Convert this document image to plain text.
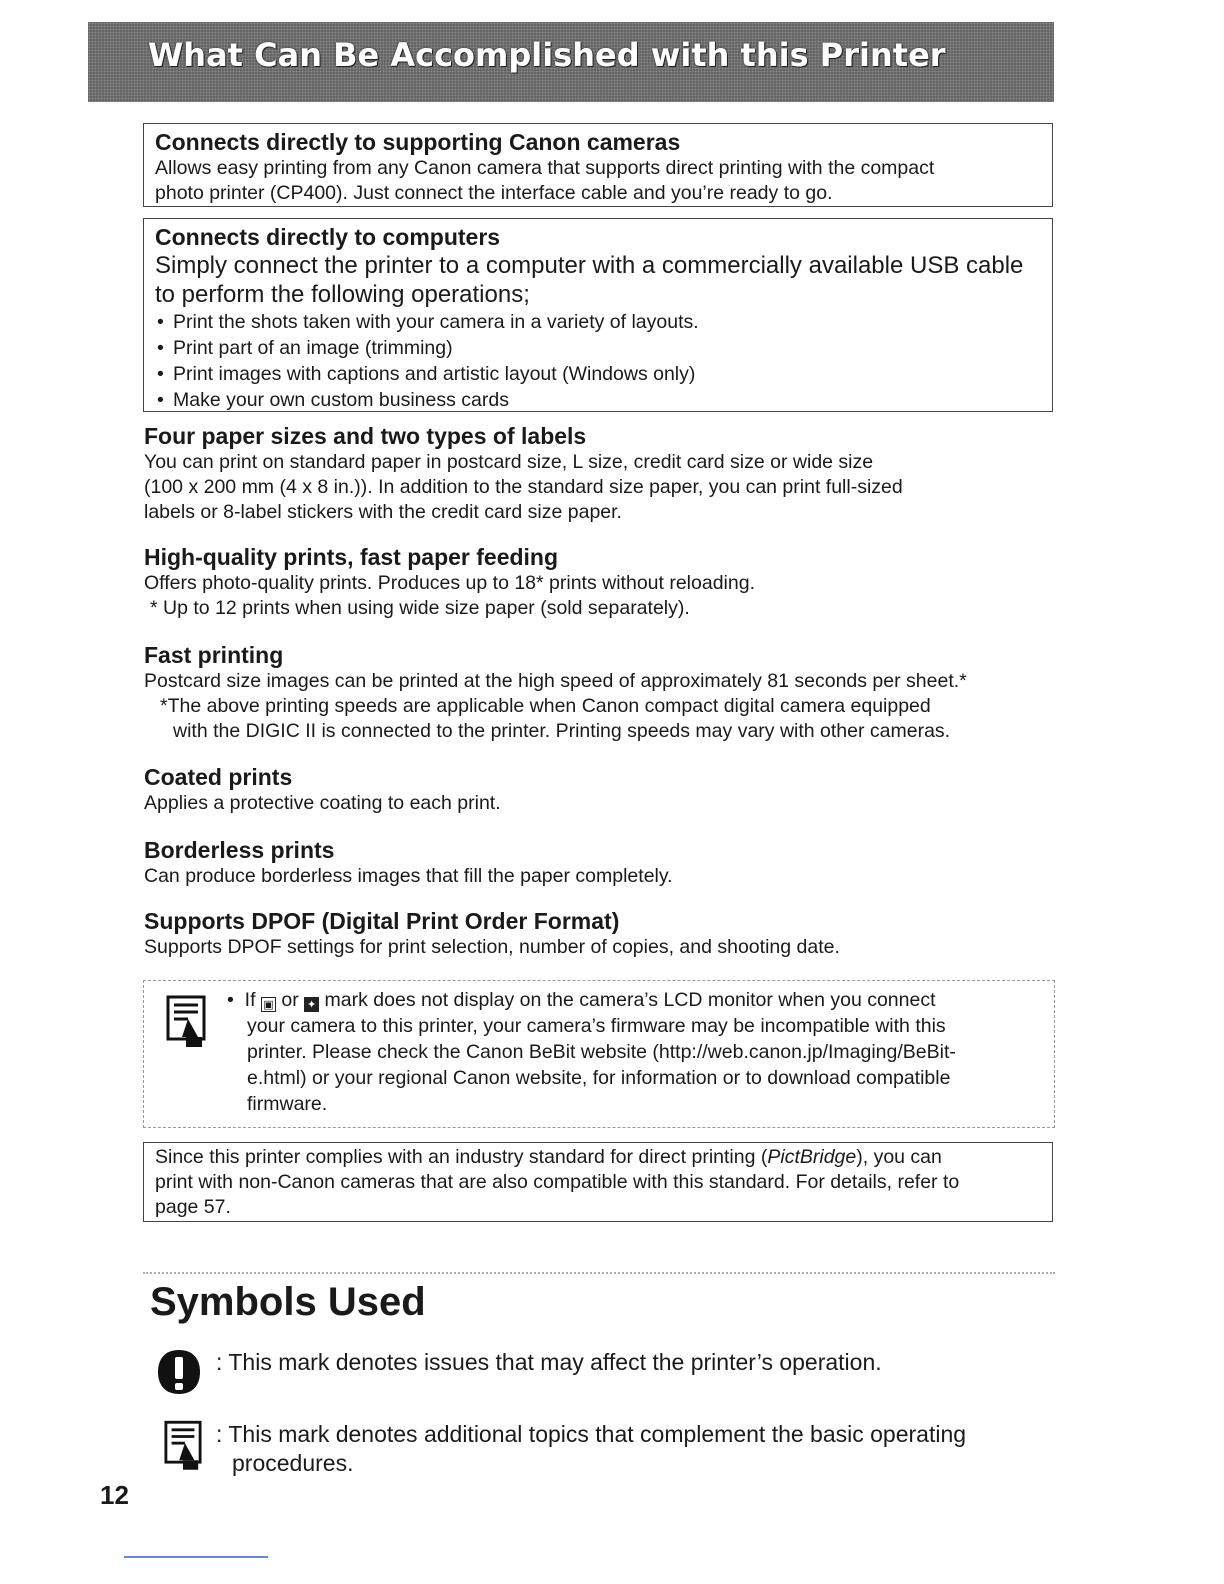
What Can Be Accomplished with this Printer
Connects directly to supporting Canon cameras

Allows easy printing from any Canon camera that supports direct printing with the compact

photo printer (CP400). Just connect the interface cable and you’re ready to go.

Connects directly to computers

Simply connect the printer to a computer with a commercially available USB cable

to perform the following operations;

• Print the shots taken with your camera in a variety of layouts.
• Print part of an image (trimming)
• Print images with captions and artistic layout (Windows only)
• Make your own custom business cards
Four paper sizes and two types of labels

You can print on standard paper in postcard size, L size, credit card size or wide size

(100 x 200 mm (4 x 8 in.)). In addition to the standard size paper, you can print full-sized

labels or 8-label stickers with the credit card size paper.

High-quality prints, fast paper feeding

Offers photo-quality prints. Produces up to 18* prints without reloading.

* Up to 12 prints when using wide size paper (sold separately).

Fast printing

Postcard size images can be printed at the high speed of approximately 81 seconds per sheet.*

*The above printing speeds are applicable when Canon compact digital camera equipped

with the DIGIC II is connected to the printer. Printing speeds may vary with other cameras.

Coated prints

Applies a protective coating to each print.

Borderless prints

Can produce borderless images that fill the paper completely.

Supports DPOF (Digital Print Order Format)

Supports DPOF settings for print selection, number of copies, and shooting date.

•  If ▣ or ✦ mark does not display on the camera’s LCD monitor when you connect
your camera to this printer, your camera’s firmware may be incompatible with this
printer. Please check the Canon BeBit website (http://web.canon.jp/Imaging/BeBit-
e.html) or your regional Canon website, for information or to download compatible
firmware.

Since this printer complies with an industry standard for direct printing (PictBridge), you can

print with non-Canon cameras that are also compatible with this standard. For details, refer to

page 57.

Symbols Used
: This mark denotes issues that may affect the printer’s operation.
: This mark denotes additional topics that complement the basic operating procedures.
12
